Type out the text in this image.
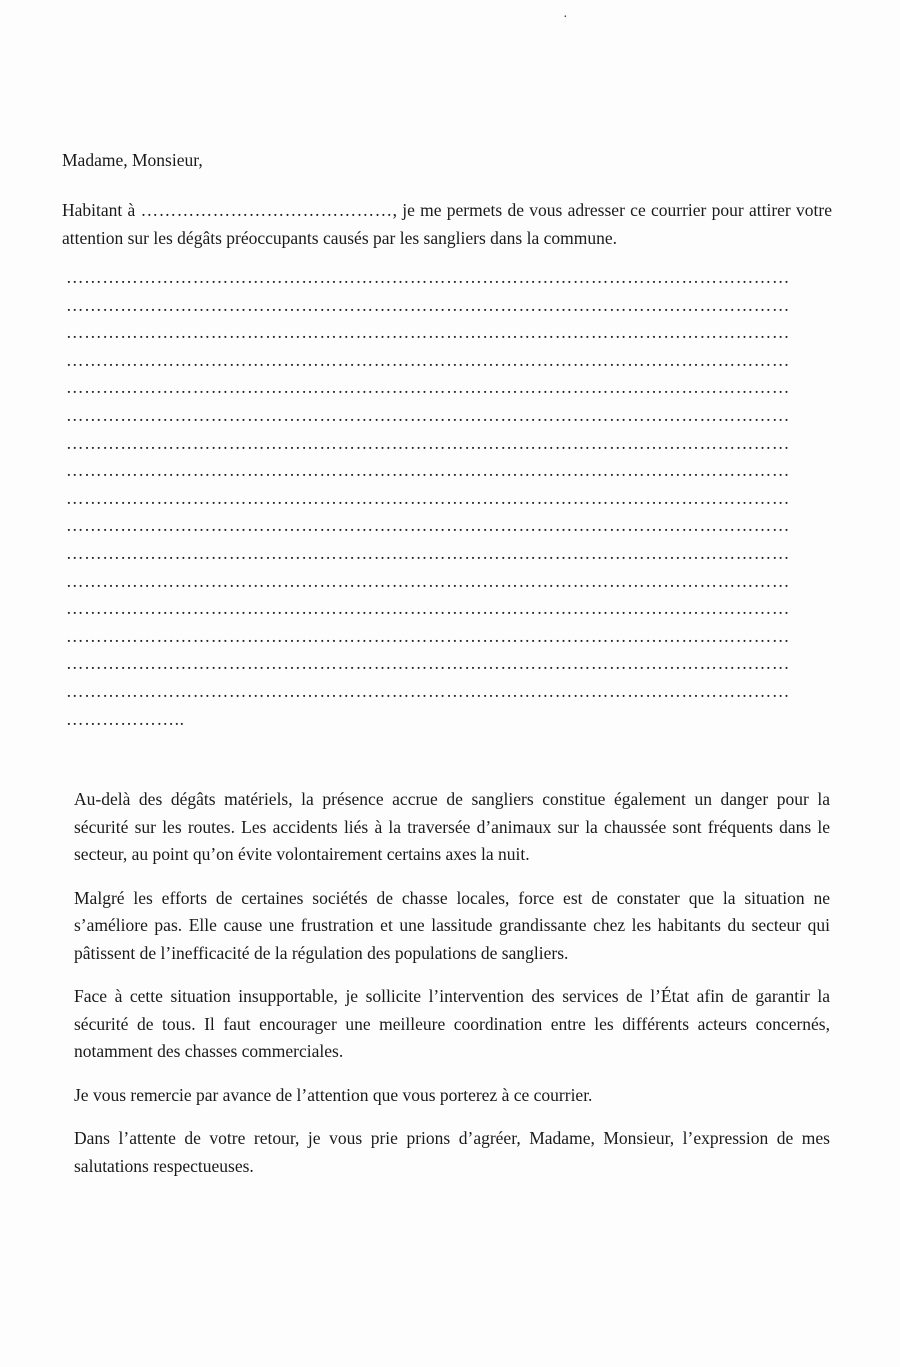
·

Madame, Monsieur,

Habitant à ……………………………………, je me permets de vous adresser ce courrier pour attirer votre attention sur les dégâts préoccupants causés par les sangliers dans la commune.

…………………………………………………………………………………………………………
…………………………………………………………………………………………………………
…………………………………………………………………………………………………………
…………………………………………………………………………………………………………
…………………………………………………………………………………………………………
…………………………………………………………………………………………………………
…………………………………………………………………………………………………………
…………………………………………………………………………………………………………
…………………………………………………………………………………………………………
…………………………………………………………………………………………………………
…………………………………………………………………………………………………………
…………………………………………………………………………………………………………
…………………………………………………………………………………………………………
…………………………………………………………………………………………………………
…………………………………………………………………………………………………………
…………………………………………………………………………………………………………
………………..

Au-delà des dégâts matériels, la présence accrue de sangliers constitue également un danger pour la sécurité sur les routes. Les accidents liés à la traversée d’animaux sur la chaussée sont fréquents dans le secteur, au point qu’on évite volontairement certains axes la nuit.

Malgré les efforts de certaines sociétés de chasse locales, force est de constater que la situation ne s’améliore pas. Elle cause une frustration et une lassitude grandissante chez les habitants du secteur qui pâtissent de l’inefficacité de la régulation des populations de sangliers.

Face à cette situation insupportable, je sollicite l’intervention des services de l’État afin de garantir la sécurité de tous. Il faut encourager une meilleure coordination entre les différents acteurs concernés, notamment des chasses commerciales.

Je vous remercie par avance de l’attention que vous porterez à ce courrier.

Dans l’attente de votre retour, je vous prie prions d’agréer, Madame, Monsieur, l’expression de mes salutations respectueuses.
